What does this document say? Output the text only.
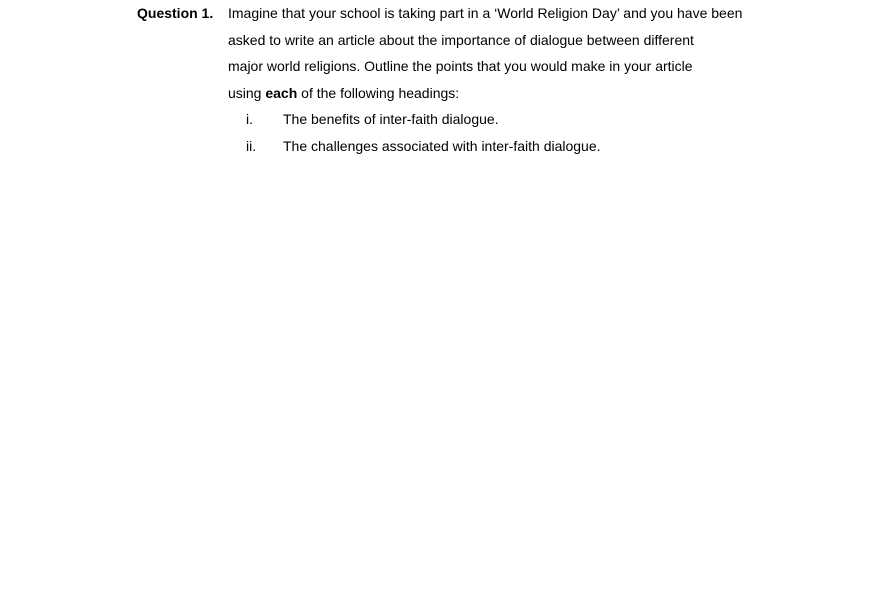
Question 1. Imagine that your school is taking part in a ‘World Religion Day’ and you have been
asked to write an article about the importance of dialogue between different
major world religions. Outline the points that you would make in your article
using each of the following headings:
i. The benefits of inter-faith dialogue.
ii. The challenges associated with inter-faith dialogue.
